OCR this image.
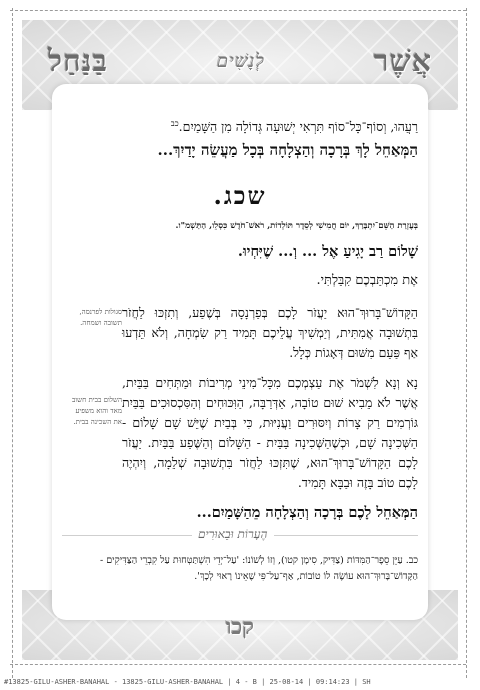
אֲשֶׁר
לְנָשִׁים
בַּנַּחַל

רַעֲהוּ, וְסוֹף־כָּל־סוֹף תִּרְאִי יְשׁוּעָה גְּדוֹלָה מִן הַשָּׁמַיִם.$^{כב}$

הַמְּאַחֵל לָךְ בְּרָכָה וְהַצְלָחָה בְּכָל מַעֲשֵׂה יָדַיִךְ...

שכג.

בְּעֶזְרַת הַשֵּׁם־יִתְבָּרַךְ, יוֹם חֲמִישִׁי לְסֵדֶר תּוֹלְדוֹת, רֹאשׁ־חֹדֶשׁ כִּסְלֵו, הַתַּשְׁמ"ו.

שָׁלוֹם רַב יָגִיעַ אֶל ... וְ... שֶׁיִּחְיוּ.

אֶת מִכְתַּבְכֶם קִבַּלְתִּי.

סגולות לפרנסה, תשובה ושמחה.

הַקָּדוֹשׁ־בָּרוּךְ־הוּא יַעֲזֹר לָכֶם בְּפַרְנָסָה בְּשֶׁפַע, וְתִזְכּוּ לַחֲזֹר בִּתְשׁוּבָה אֲמִתִּית, וְיַמְשִׁיךְ עֲלֵיכֶם תָּמִיד רַק שִׂמְחָה, וְלֹא תֵּדְעוּ אַף פַּעַם מִשּׁוּם דְּאָגוֹת כְּלָל.

השלום בבית חשוב מאד והוא משפיע את השכינה בבית.

נָא וְנָא לִשְׁמֹר אֶת עַצְמְכֶם מִכָּל־מִינֵי מְרִיבוֹת וּמַתְּחִים בַּבַּיִת, אֲשֶׁר לֹא מֵבִיא שׁוּם טוֹבָה, אַדְּרַבָּה, הַוִּכּוּחִים וְהַסִּכְסוּכִים בַּבַּיִת גּוֹרְמִים רַק צָרוֹת וְיִסּוּרִים וַעֲנִיּוּת, כִּי בְּבַיִת שֶׁיֵּשׁ שָׁם שָׁלוֹם - הַשְּׁכִינָה שָׁם, וּכְשֶׁהַשְּׁכִינָה בַּבַּיִת - הַשָּׁלוֹם וְהַשֶּׁפַע בַּבַּיִת. יַעֲזֹר לָכֶם הַקָּדוֹשׁ־בָּרוּךְ־הוּא, שֶׁתִּזְכּוּ לַחֲזֹר בִּתְשׁוּבָה שְׁלֵמָה, וְיִהְיֶה לָכֶם טוֹב בָּזֶה וּבַבָּא תָּמִיד.

הַמְּאַחֵל לָכֶם בְּרָכָה וְהַצְלָחָה מֵהַשָּׁמַיִם...

הֶעָרוֹת וּבֵאוּרִים

כב. עַיֵּן סֵפֶר־הַמִּדּוֹת (צַדִּיק, סִימָן קטו), וְזוֹ לְשׁוֹנוֹ: 'עַל־יְדֵי הִשְׁתַּטְּחוּת עַל קִבְרֵי הַצַּדִּיקִים - הַקָּדוֹשׁ־בָּרוּךְ־הוּא עוֹשֶׂה לוֹ טוֹבוֹת, אַף־עַל־פִּי שֶׁאֵינוֹ רָאוּי לְכָךְ'.

קכו
#13825-GILU-ASHER-BANAHAL - 13825-GILU-ASHER-BANAHAL | 4 - B | 25-08-14 | 09:14:23 | SH
